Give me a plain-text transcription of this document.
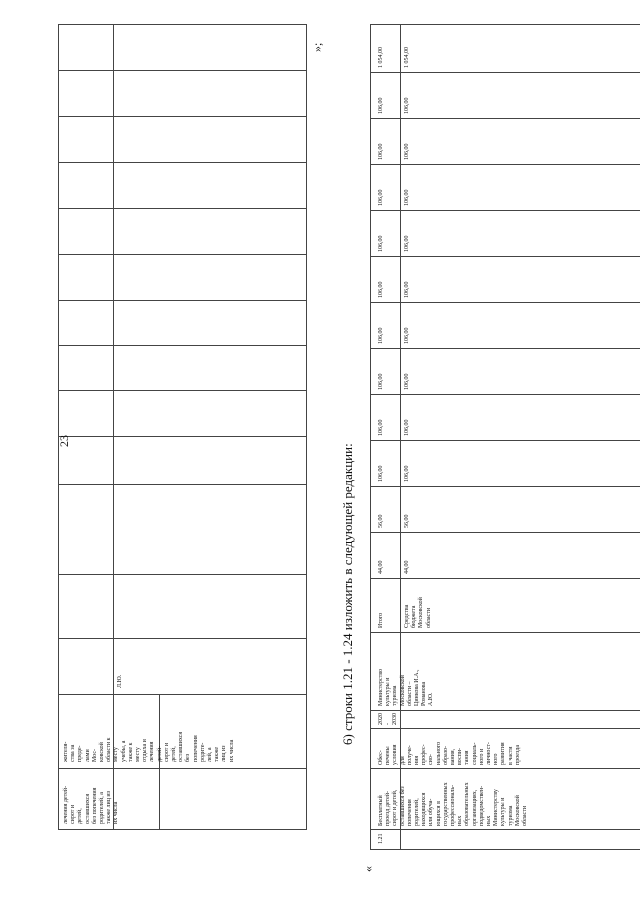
лечения детей-
сирот и
детей,
оставшихся
без попечения
родителей, а
также лиц из
их числа
жителя-
ства за
преде-
лами
Мос-
ковской
области к
месту
учебы, а
также к
месту
отдыха и
лечения
детей-
сирот и
детей,
оставшихся
без
попечения
родите-
лей, а
также
лиц из
их числа
Л.Ю.
23
»;
6) строки 1.21 - 1.24 изложить в следующей редакции:
«
1.21
Бесплатный
проезд детей-
сирот и детей,
оставшихся без
попечения
родителей,
находящихся
или обуча-
ющихся в
государственных
профессиональ-
ных
образовательных
организациях,
подведомствен-
ных
Министерству
культуры и
туризма
Московской
области
Обес-
печены
условия
для
получе-
ния
профес-
сио-
нального
образо-
вания,
воспи-
тания
социаль-
ного и
личност-
ного
развития
в части
проезда
2020
-
2030
Министерство
культуры и
туризма
Московской
области –
Цинкова И.А.,
Романова
А.Ю.
Итого	Средства
бюджета
Московской
области
44,00
56,00
106,00
106,00
106,00
106,00
106,00
106,00
106,00
106,00
106,00
1 054,00
44,00
56,00
106,00
106,00
106,00
106,00
106,00
106,00
106,00
106,00
106,00
1 054,00
